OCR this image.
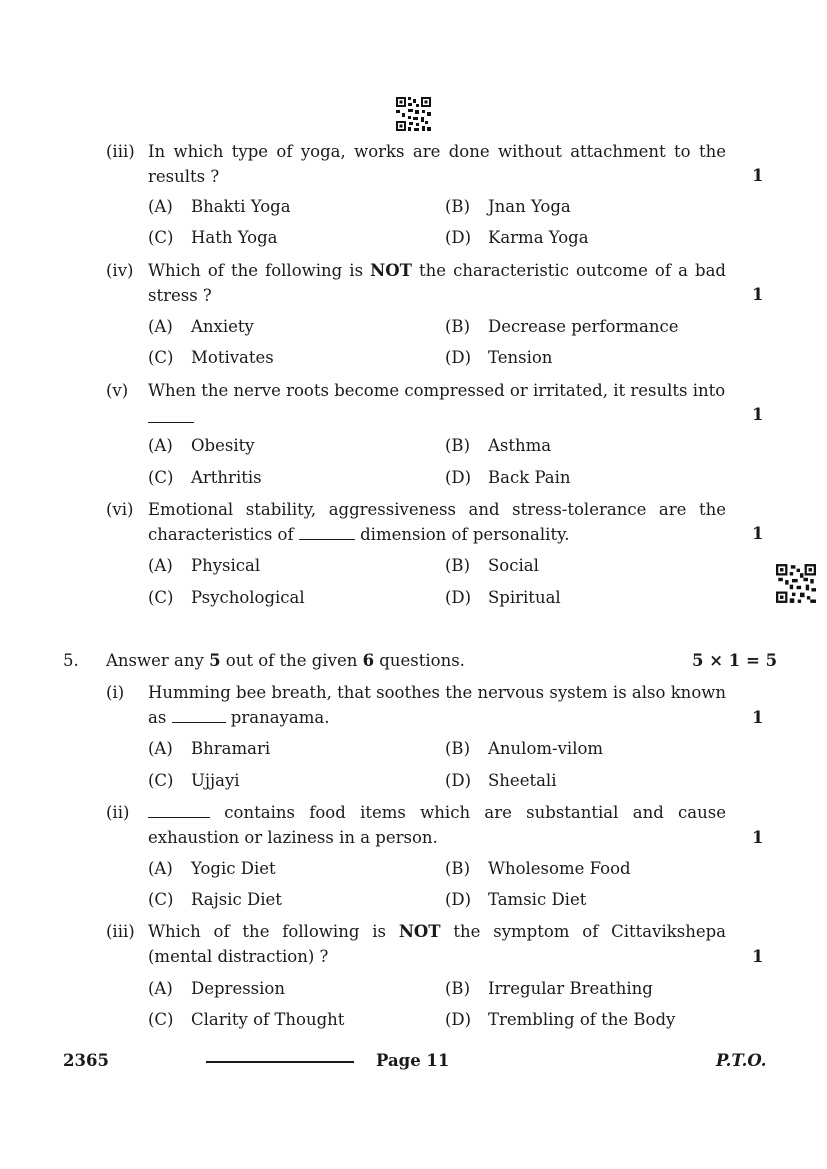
(iii) In which type of yoga, works are done without attachment to the results ?	1
(A) Bhakti Yoga	(B) Jnan Yoga
(C) Hath Yoga	(D) Karma Yoga
(iv) Which of the following is NOT the characteristic outcome of a bad stress ?	1
(A) Anxiety	(B) Decrease performance
(C) Motivates	(D) Tension
(v) When the nerve roots become compressed or irritated, it results into
1
(A) Obesity	(B) Asthma
(C) Arthritis	(D) Back Pain
(vi) Emotional stability, aggressiveness and stress-tolerance are the characteristics of	dimension of personality.	1
(A) Physical	(B) Social
(C) Psychological	(D) Spiritual
5. Answer any 5 out of the given 6 questions.	5 × 1 = 5
(i) Humming bee breath, that soothes the nervous system is also known as	pranayama.	1
(A) Bhramari	(B) Anulom-vilom
(C) Ujjayi	(D) Sheetali
(ii)	contains food items which are substantial and cause exhaustion or laziness in a person.	1
(A) Yogic Diet	(B) Wholesome Food
(C) Rajsic Diet	(D) Tamsic Diet
(iii) Which of the following is NOT the symptom of Cittavikshepa (mental distraction) ?	1
(A) Depression	(B) Irregular Breathing
(C) Clarity of Thought	(D) Trembling of the Body
2365	Page 11	P.T.O.
